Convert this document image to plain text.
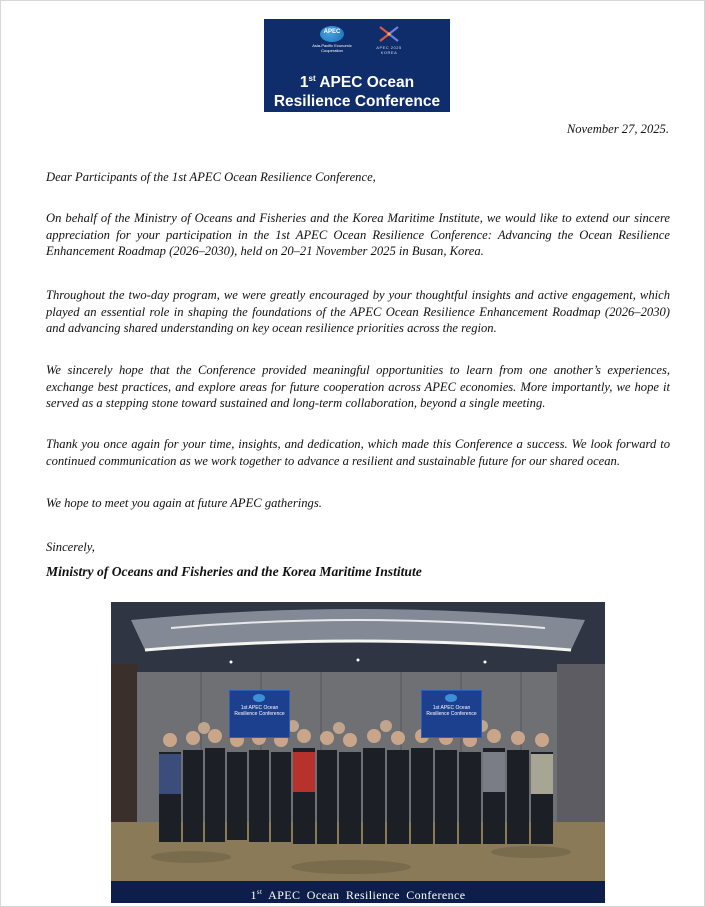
APEC
Asia-Pacific Economic Cooperation	APEC 2025 KOREA
1st APEC Ocean
Resilience Conference
November 27, 2025.
Dear Participants of the 1st APEC Ocean Resilience Conference,
On behalf of the Ministry of Oceans and Fisheries and the Korea Maritime Institute, we would like to extend our sincere appreciation for your participation in the 1st APEC Ocean Resilience Conference: Advancing the Ocean Resilience Enhancement Roadmap (2026–2030), held on 20–21 November 2025 in Busan, Korea.
Throughout the two-day program, we were greatly encouraged by your thoughtful insights and active engagement, which played an essential role in shaping the foundations of the APEC Ocean Resilience Enhancement Roadmap (2026–2030) and advancing shared understanding on key ocean resilience priorities across the region.
We sincerely hope that the Conference provided meaningful opportunities to learn from one another’s experiences, exchange best practices, and explore areas for future cooperation across APEC economies. More importantly, we hope it served as a stepping stone toward sustained and long-term collaboration, beyond a single meeting.
Thank you once again for your time, insights, and dedication, which made this Conference a success. We look forward to continued communication as we work together to advance a resilient and sustainable future for our shared ocean.
We hope to meet you again at future APEC gatherings.
Sincerely,
Ministry of Oceans and Fisheries and the Korea Maritime Institute
1st APEC Ocean Resilience Conference
1st APEC Ocean Resilience Conference
1st APEC Ocean Resilience Conference
